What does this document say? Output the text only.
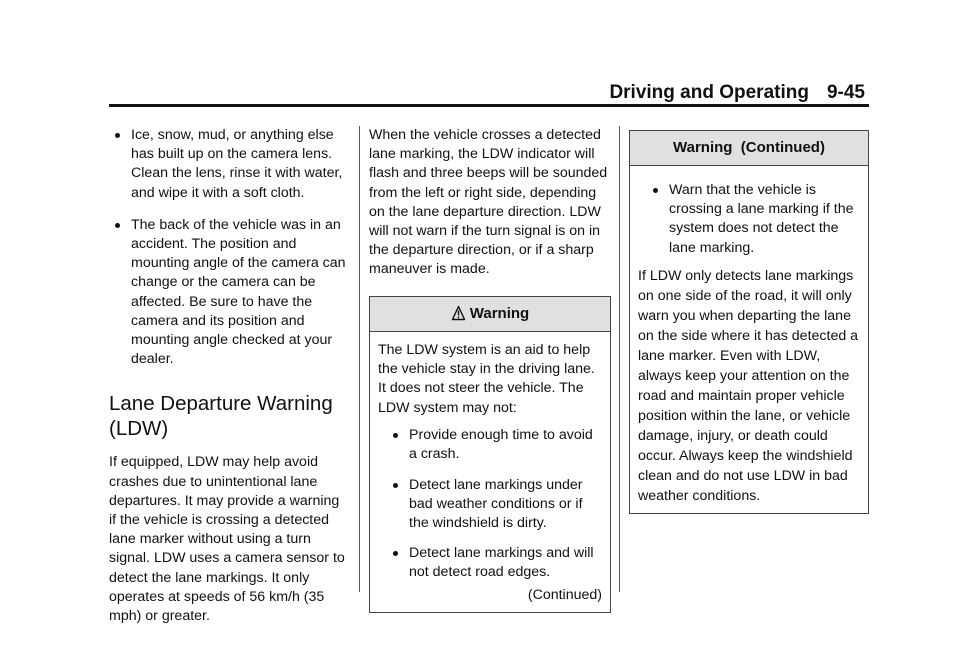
Driving and Operating 9-45
Ice, snow, mud, or anything else has built up on the camera lens. Clean the lens, rinse it with water, and wipe it with a soft cloth.
The back of the vehicle was in an accident. The position and mounting angle of the camera can change or the camera can be affected. Be sure to have the camera and its position and mounting angle checked at your dealer.
Lane Departure Warning (LDW)

If equipped, LDW may help avoid crashes due to unintentional lane departures. It may provide a warning if the vehicle is crossing a detected lane marker without using a turn signal. LDW uses a camera sensor to detect the lane markings. It only operates at speeds of 56 km/h (35 mph) or greater.

When the vehicle crosses a detected lane marking, the LDW indicator will flash and three beeps will be sounded from the left or right side, depending on the lane departure direction. LDW will not warn if the turn signal is on in the departure direction, or if a sharp maneuver is made.

Warning

The LDW system is an aid to help the vehicle stay in the driving lane. It does not steer the vehicle. The LDW system may not:

Provide enough time to avoid a crash.
Detect lane markings under bad weather conditions or if the windshield is dirty.
Detect lane markings and will not detect road edges.
(Continued)
Warning  (Continued)
Warn that the vehicle is crossing a lane marking if the system does not detect the lane marking.

If LDW only detects lane markings on one side of the road, it will only warn you when departing the lane on the side where it has detected a lane marker. Even with LDW, always keep your attention on the road and maintain proper vehicle position within the lane, or vehicle damage, injury, or death could occur. Always keep the windshield clean and do not use LDW in bad weather conditions.
